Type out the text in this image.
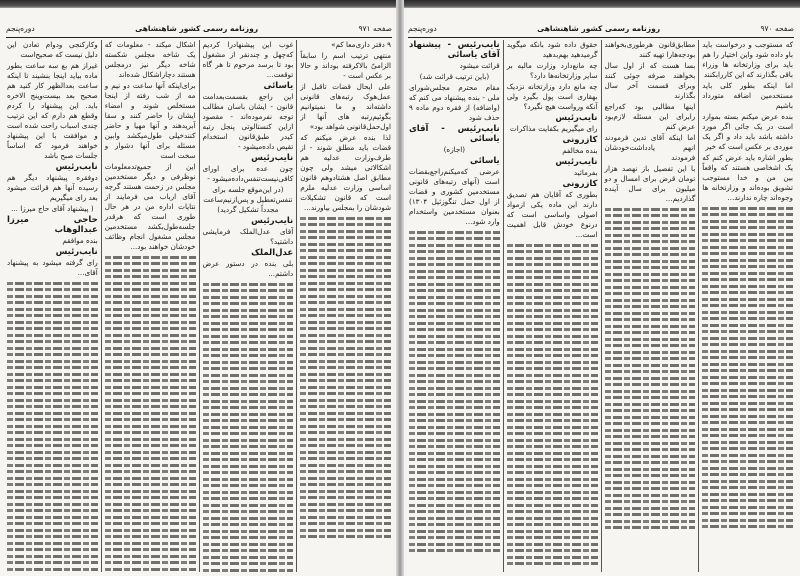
صفحه ۹۷۱
روزنامه رسمی کشور شاهنشاهی
دوره‌پنجم

۹ دفتر داری‌معا کم»

منتهی ترتیب اسم را سابقاً الزامیّ بالاکرفته بوداند و حالا بر عکس است -

علی ایحال قضات تاقبل از عمل‌هوک رتبه‌های قانونی داشته‌اند و ما نمیتوانیم بگوئیم‌رتبه های آنها از اول‌حمل‌قانونی شواهد بود»

لذا بنده عرض میکنم که قضات باید مطلق شوند - از طرف‌وزارت عدلیه هم اشکالاتی میشد ولی چون مطابق اصل هشتادوهم قانون اساسی وزارت عدلیه ملزم است که قانون تشکیلات شودشان را بمجلس بیاورند...

غوب این پیشنهادرا کردیم که‌چهل و چندنفر از مشغول بود تا برسد مرحوم تا هر گاه توقعت...

یاسائی

این راجع بقسمت‌بعدامت قانون - ایشان باسان مطالب توجه نفرموده‌اند - مقصود ازاین کنستالوتی پنجل رتبه کیدر طبق‌قانون استخدام تقیص داده‌میشود -

نایب‌رئیس

چون عده برای اورای کافی‌نیست‌تنفس‌داده‌میشود -

(در این‌موقع جلسه برای تنفس‌تعطیل و پس‌ازنیم‌ساعت مجدداً تشکیل گردید)

نایب‌رئیس

آقای عدل‌الملک فرمایشی داشتید؟

عدل‌الملک

بلی بنده در دستور عرض داشتم...

اشکال میکند - معلومات که یک شاخه مجلس شکسته شاخه دیگر نیز درمجلس هستند دچاراشکال شده‌اند

برای‌اینکه آنها ساعت دو‌ نیم و مه از شب رفته از اینجا مستخلص شوند و امضاء ایشان را حاضر کنند و سقا آبرید‌هند و آنها مهیا و حاضر کنند‌خیلی طول‌میکشد وابین مسئله برای آنها دشوار و سخت است

این از جمیع‌تدمعلومات نوظرفی و دیگر مستخدمین مجلس در زحمت هستند گرچه آقای ارباب می فرمایند از نتایات اداره من در هر حال طوری است که هرقدر جلسه‌طول‌بکشد مستخدمین مجلس مشغول انجام وظائف خودشان خواهند بود...

وکارکنجی ودوام تعادن این دلیل نیست که صحیح‌است

غیراز هم بع سه ساعت بطور ماده بیاید اینجا بنشیند تا اینکه ساعت بعدالظهر کار کنید هم صحیح بعد بیست‌وپنج الاخره باید. این پیشنهاد را کردم وقطع هم دارم که این ترتیب چندی اسباب راحت شده است و موافقت با این پیشنهاد خواهند فرمود که اساساً جلسات صبح باشد

نایب‌رئیس

دوفقره پیشنهاد دیگر هم رسیده آنها هم قرائت میشود بعد رای میگیریم

( پیشنهاد آقای حاج میرزا ...

حاجی میرزا عبدالوهاب

بنده موافقم

نایب‌رئیس

رای گرفته میشود به پیشنهاد آقای...

صفحه ۹۷۰
روزنامه رسمی کشور شاهنشاهی
دوره‌پنجم

که مستوجب و درخواست باید باو داده شود واین اختیار را هم باید برای وزارتخانه ها وزراء باقی بگذارند که این کاررابکنند

اما اینکه بطور کلی باید مستخدمین اضافه متورداد باشیم

بنده عرض میکنم بسته بموارد است در یک جائی اگر مورد داشته باشد باید داد و اگر یک موردی بر عکس است که خیر

بطور اشاره باید عرض کنم که یک اشخاصی هستند که واقعاً بین من و خدا مستوجب تشویق بوده‌اند و وزارتخانه ها وجوه‌اند چاره ندارند...

مطابق‌قانون هرطوری‌بخواهند بودجه‌هارا تهیه کنند

بسا هست که از اول سال بخواهند صرفه جوئی کنند وبرای قسمت آخر سال بگذارند

اینها مطالبی بود که‌راجع رابرای این مسئله لازم‌بود عرض کنم

اما اینکه آقای تدین فرمودند انهم یادداشت‌خودشان فرمودند

با این تفصیل باز نهصد هزار تومان قرض برای امسال و دو میلیون برای سال آینده گذاردیم...

حقوق داده شود بانکه میگوید گرمیدهید بهم‌بدهید

چه مانع‌دارد وزارت مالیه بر سایر وزارتخانه‌ها دارد؟

چه مانع دارد وزارتخانه نزدیک بهقاری است پول بگیرد ولی آنکه ورواست هیچ نگیرد؟

نایب‌رئیس

رای میگیریم بکفایت مذاکرات

کازرونی

بنده مخالفم

نایب‌رئیس

بفرمائید

کازرونی

بطوری که آقایان هم تصدیق دارند این ماده یکی ازمواد اصولی واساسی است که درنوع خودش قابل اهمیت است...

نایب‌رئیس - پیشنهاد آقای یاسائی

قرائت میشود

(باین ترتیب قرائت شد)

مقام محترم مجلس‌شورای ملی - بنده پیشنهاد می کنم که (واضافه) از فقره دوم ماده ۹ حذف شود

نایب‌رئیس - آقای یاسائی

(اجازه)

یاسائی

عرضی که‌میکنم‌راجع‌بقضات است (آنهای رتبه‌های قانونی مستخدمین کشوری و قضات از اول حمل تنگوزئیل ۱۳۰۴) بعنوان مستخدمین واستخدام وارد شود...
